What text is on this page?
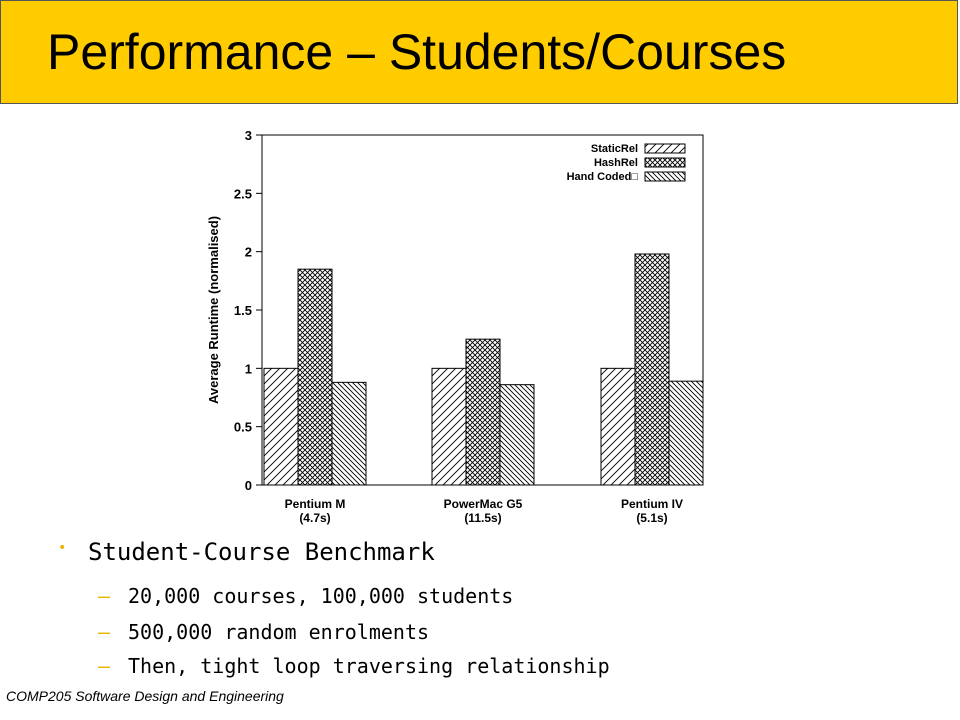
Performance – Students/Courses
0
0.5
1
1.5
2
2.5
3
Average Runtime (normalised)
Pentium M
(4.7s)
PowerMac G5
(11.5s)
Pentium IV
(5.1s)
StaticRel
HashRel
Hand Coded□
• Student-Course Benchmark
– 20,000 courses, 100,000 students
– 500,000 random enrolments
– Then, tight loop traversing relationship
COMP205 Software Design and Engineering
